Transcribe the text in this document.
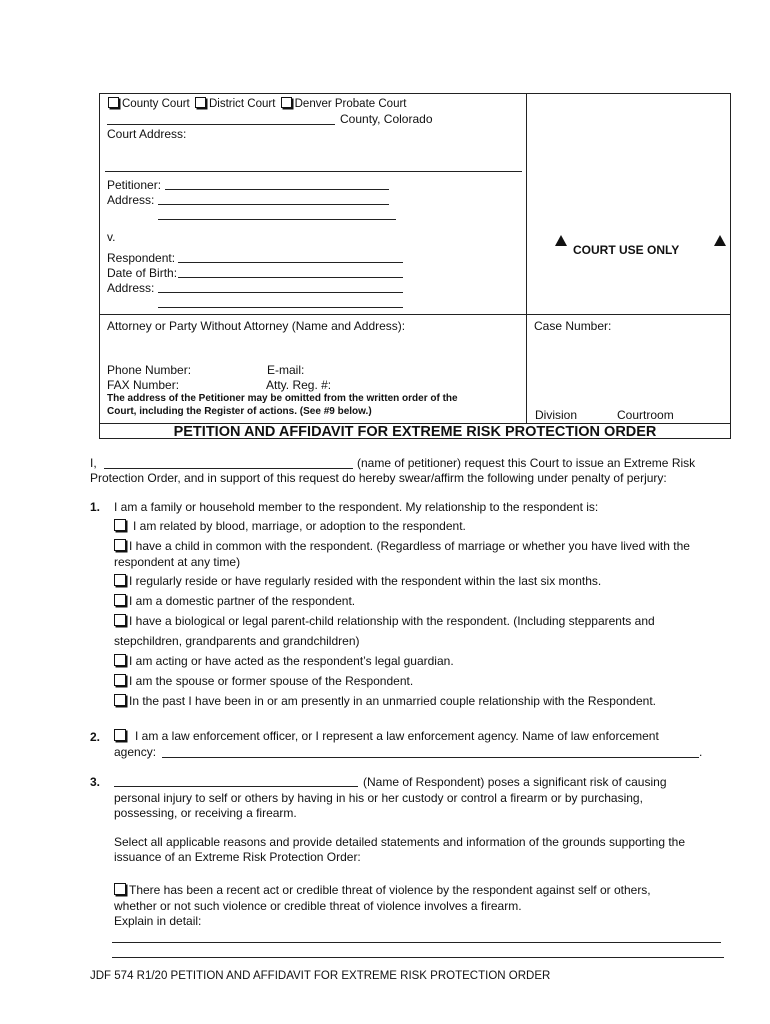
County Court District Court Denver Probate Court
County, Colorado
Court Address:
Petitioner:
Address:
v.
Respondent:
Date of Birth:
Address:
COURT USE ONLY
Attorney or Party Without Attorney (Name and Address):	Case Number:
Phone Number:	E-mail:
FAX Number:	Atty. Reg. #:
The address of the Petitioner may be omitted from the written order of the
Court, including the Register of actions. (See #9 below.)	Division	Courtroom
PETITION AND AFFIDAVIT FOR EXTREME RISK PROTECTION ORDER
I,	(name of petitioner) request this Court to issue an Extreme Risk
Protection Order, and in support of this request do hereby swear/affirm the following under penalty of perjury:
1. I am a family or household member to the respondent. My relationship to the respondent is:
I am related by blood, marriage, or adoption to the respondent.
I have a child in common with the respondent. (Regardless of marriage or whether you have lived with the
respondent at any time)
I regularly reside or have regularly resided with the respondent within the last six months.
I am a domestic partner of the respondent.
I have a biological or legal parent-child relationship with the respondent. (Including stepparents and
stepchildren, grandparents and grandchildren)
I am acting or have acted as the respondent’s legal guardian.
I am the spouse or former spouse of the Respondent.
In the past I have been in or am presently in an unmarried couple relationship with the Respondent.
2.	I am a law enforcement officer, or I represent a law enforcement agency. Name of law enforcement
agency:	.
3.	(Name of Respondent) poses a significant risk of causing
personal injury to self or others by having in his or her custody or control a firearm or by purchasing,
possessing, or receiving a firearm.
Select all applicable reasons and provide detailed statements and information of the grounds supporting the
issuance of an Extreme Risk Protection Order:
There has been a recent act or credible threat of violence by the respondent against self or others,
whether or not such violence or credible threat of violence involves a firearm.
Explain in detail:
JDF 574 R1/20 PETITION AND AFFIDAVIT FOR EXTREME RISK PROTECTION ORDER
